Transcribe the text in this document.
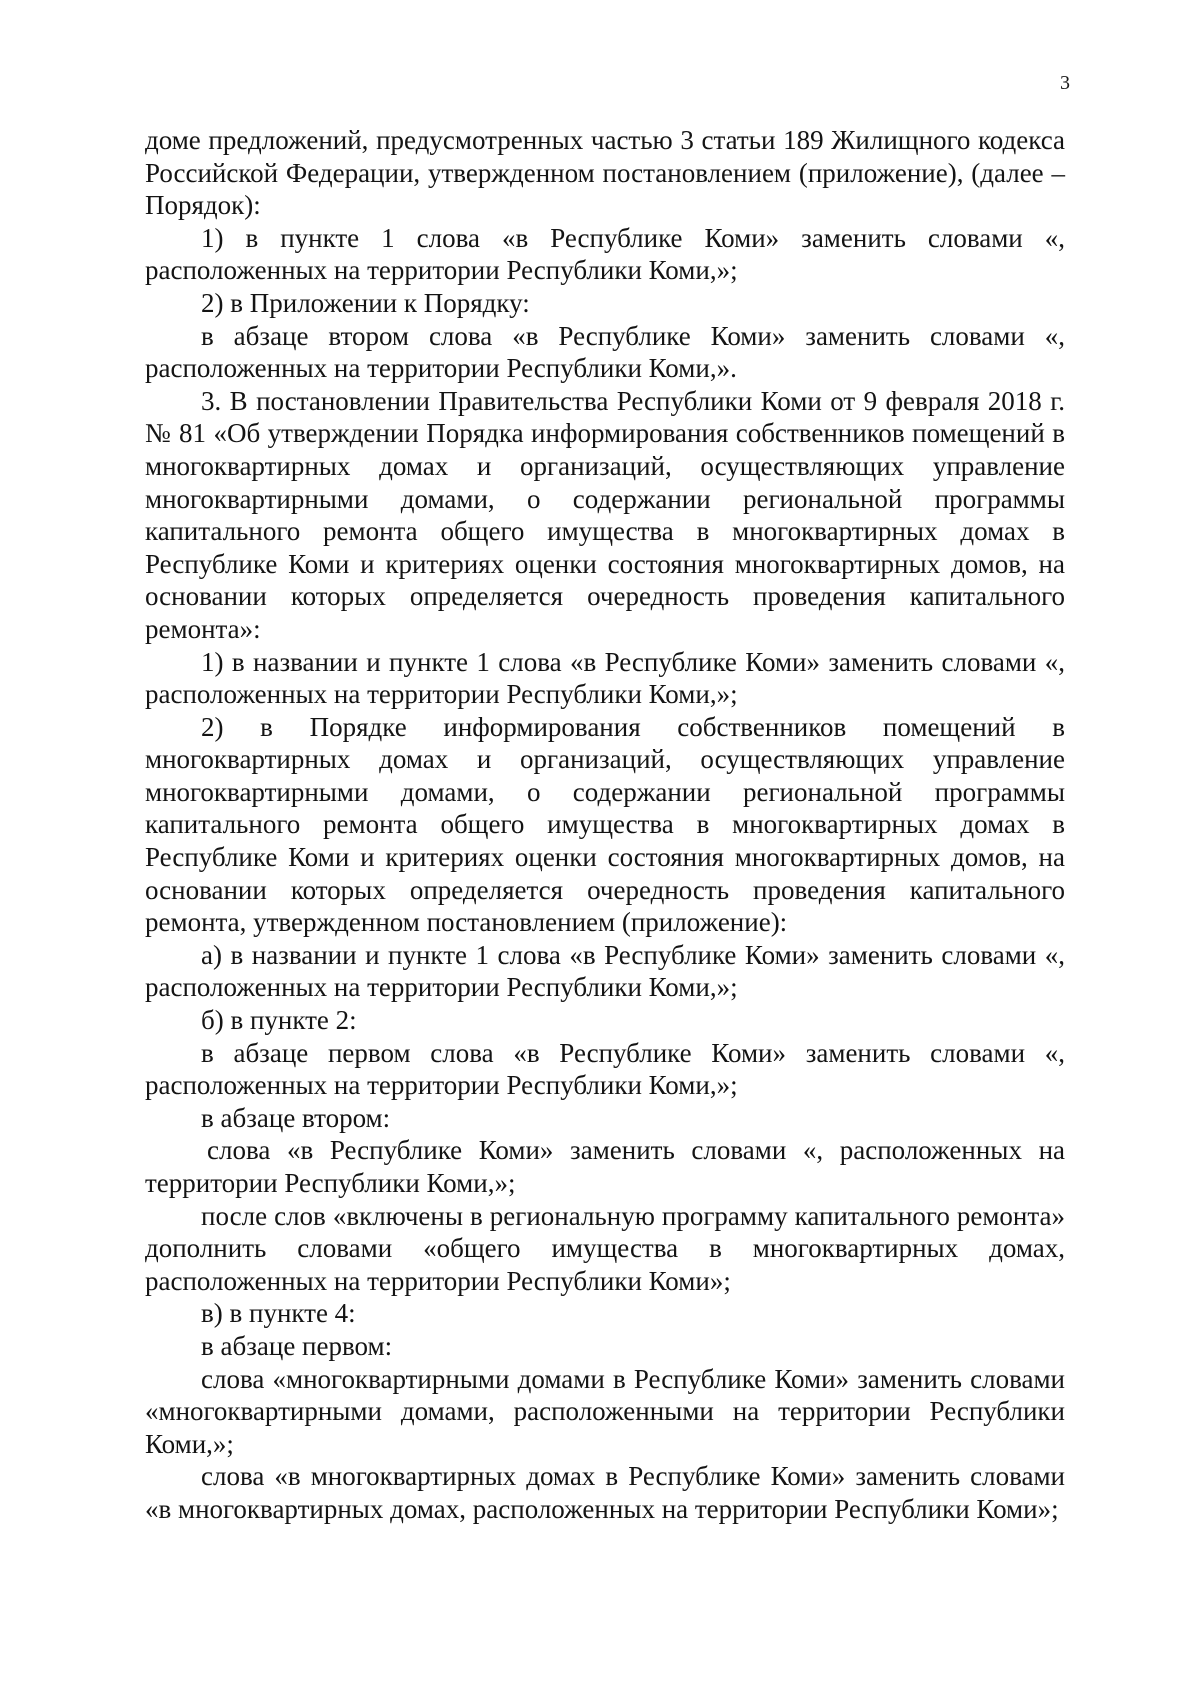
3

доме предложений, предусмотренных частью 3 статьи 189 Жилищного кодекса Российской Федерации, утвержденном постановлением (приложение), (далее – Порядок):

1) в пункте 1 слова «в Республике Коми» заменить словами «, расположенных на территории Республики Коми,»;

2) в Приложении к Порядку:

в абзаце втором слова «в Республике Коми» заменить словами «, расположенных на территории Республики Коми,».

3. В постановлении Правительства Республики Коми от 9 февраля 2018 г. № 81 «Об утверждении Порядка информирования собственников помещений в многоквартирных домах и организаций, осуществляющих управление многоквартирными домами, о содержании региональной программы капитального ремонта общего имущества в многоквартирных домах в Республике Коми и критериях оценки состояния многоквартирных домов, на основании которых определяется очередность проведения капитального ремонта»:

1) в названии и пункте 1 слова «в Республике Коми» заменить словами «, расположенных на территории Республики Коми,»;

2) в Порядке информирования собственников помещений в многоквартирных домах и организаций, осуществляющих управление многоквартирными домами, о содержании региональной программы капитального ремонта общего имущества в многоквартирных домах в Республике Коми и критериях оценки состояния многоквартирных домов, на основании которых определяется очередность проведения капитального ремонта, утвержденном постановлением (приложение):

а) в названии и пункте 1 слова «в Республике Коми» заменить словами «, расположенных на территории Республики Коми,»;

б) в пункте 2:

в абзаце первом слова «в Республике Коми» заменить словами «, расположенных на территории Республики Коми,»;

в абзаце втором:

слова «в Республике Коми» заменить словами «, расположенных на территории Республики Коми,»;

после слов «включены в региональную программу капитального ремонта» дополнить словами «общего имущества в многоквартирных домах, расположенных на территории Республики Коми»;

в) в пункте 4:

в абзаце первом:

слова «многоквартирными домами в Республике Коми» заменить словами «многоквартирными домами, расположенными на территории Республики Коми,»;

слова «в многоквартирных домах в Республике Коми» заменить словами «в многоквартирных домах, расположенных на территории Республики Коми»;
